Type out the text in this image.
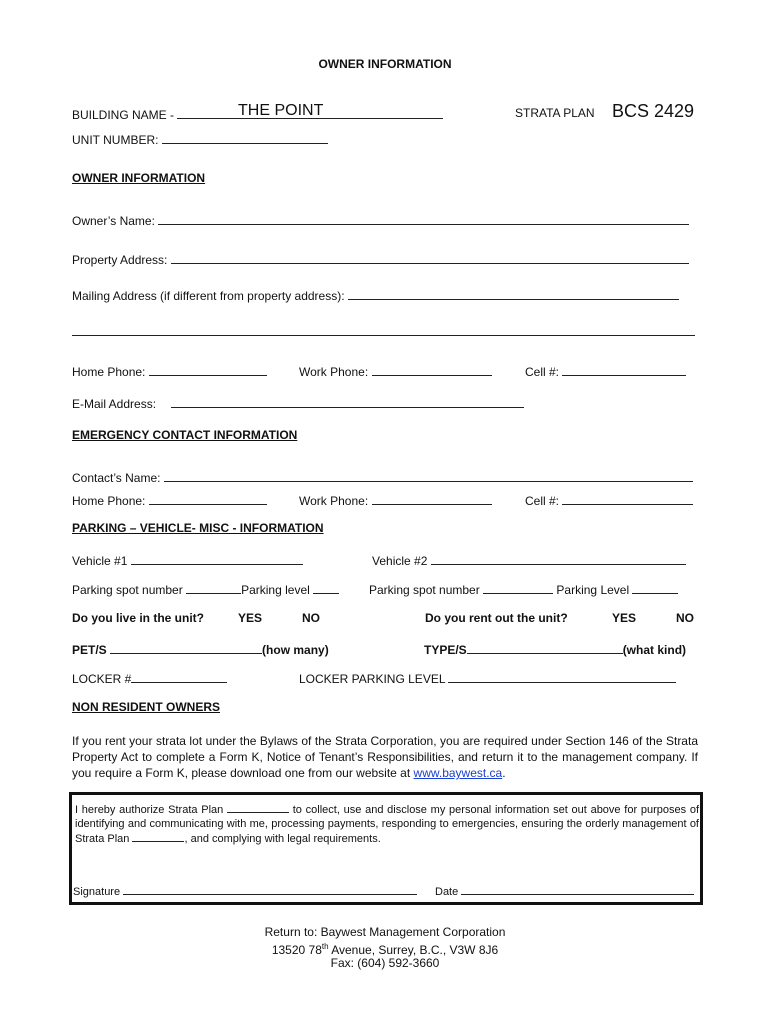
OWNER INFORMATION
BUILDING NAME -	THE POINT	STRATA PLAN BCS 2429
UNIT NUMBER:
OWNER INFORMATION
Owner’s Name:
Property Address:
Mailing Address (if different from property address):
Home Phone:	Work Phone:	Cell #:
E-Mail Address:
EMERGENCY CONTACT INFORMATION
Contact’s Name:
Home Phone:	Work Phone:	Cell #:
PARKING – VEHICLE- MISC - INFORMATION
Vehicle #1	Vehicle #2
Parking spot number	Parking level	Parking spot number	Parking Level
Do you live in the unit?	YES	NO	Do you rent out the unit?	YES	NO
PET/S	(how many)	TYPE/S	(what kind)
LOCKER #	LOCKER PARKING LEVEL
NON RESIDENT OWNERS
If you rent your strata lot under the Bylaws of the Strata Corporation, you are required under Section 146 of the Strata Property Act to complete a Form K, Notice of Tenant’s Responsibilities, and return it to the management company. If you require a Form K, please download one from our website at www.baywest.ca.
I hereby authorize Strata Plan	to collect, use and disclose my personal information set out above for purposes of identifying and communicating with me, processing payments, responding to emergencies, ensuring the orderly management of Strata Plan	, and complying with legal requirements.
Signature	Date
Return to: Baywest Management Corporation
13520 78th Avenue, Surrey, B.C., V3W 8J6
Fax: (604) 592-3660
